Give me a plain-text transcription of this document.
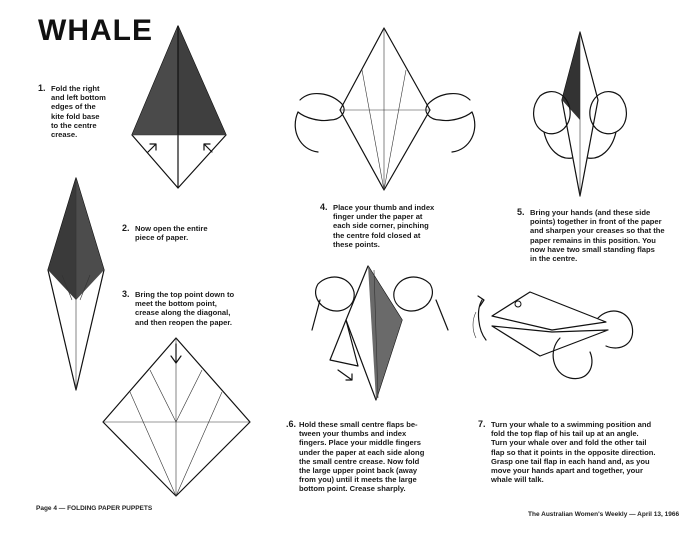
WHALE
1. Fold the right
and left bottom
edges of the
kite fold base
to the centre
crease.
2. Now open the entire
piece of paper.
3. Bring the top point down to
meet the bottom point,
crease along the diagonal,
and then reopen the paper.
4. Place your thumb and index
finger under the paper at
each side corner, pinching
the centre fold closed at
these points.
5. Bring your hands (and these side
points) together in front of the paper
and sharpen your creases so that the
paper remains in this position. You
now have two small standing flaps
in the centre.
.6. Hold these small centre flaps be-
tween your thumbs and index
fingers. Place your middle fingers
under the paper at each side along
the small centre crease. Now fold
the large upper point back (away
from you) until it meets the large
bottom point. Crease sharply.
7. Turn your whale to a swimming position and
fold the top flap of his tail up at an angle.
Turn your whale over and fold the other tail
flap so that it points in the opposite direction.
Grasp one tail flap in each hand and, as you
move your hands apart and together, your
whale will talk.
Page 4 — FOLDING PAPER PUPPETS
The Australian Women's Weekly — April 13, 1966
